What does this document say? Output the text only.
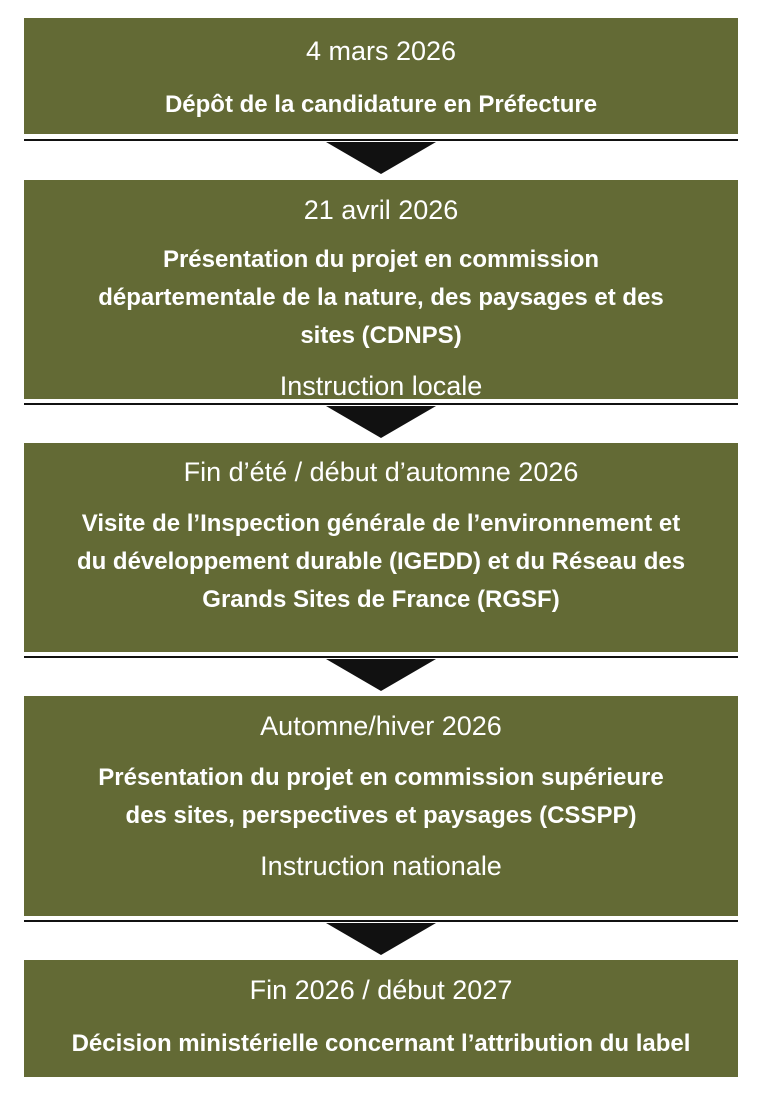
4 mars 2026
Dépôt de la candidature en Préfecture
21 avril 2026
Présentation du projet en commission départementale de la nature, des paysages et des sites (CDNPS)
Instruction locale
Fin d’été / début d’automne 2026
Visite de l’Inspection générale de l’environnement et du développement durable (IGEDD) et du Réseau des Grands Sites de France (RGSF)
Automne/hiver 2026
Présentation du projet en commission supérieure des sites, perspectives et paysages (CSSPP)
Instruction nationale
Fin 2026 / début 2027
Décision ministérielle concernant l’attribution du label
